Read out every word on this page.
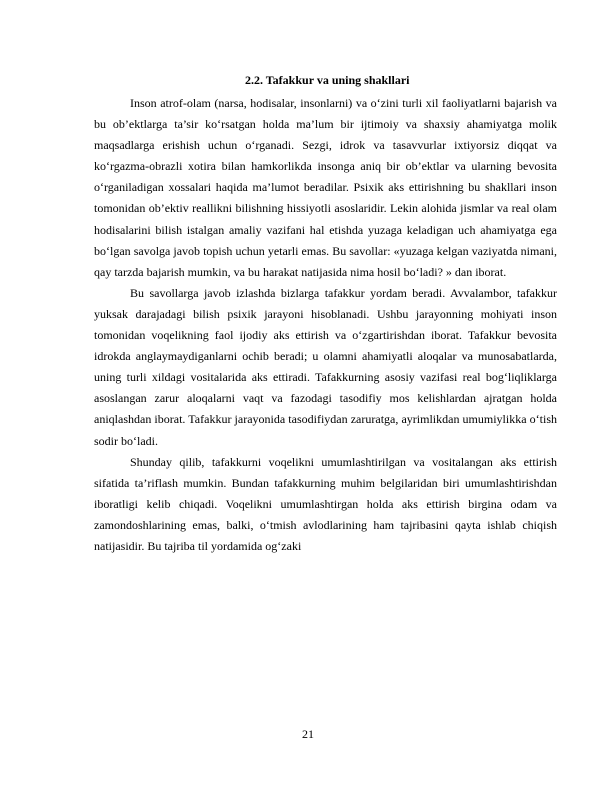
2.2. Tafakkur va uning shakllari

Inson atrof-olam (narsa, hodisalar, insonlarni) va o‘zini turli xil faoliyatlarni bajarish va bu ob’ektlarga ta’sir ko‘rsatgan holda ma’lum bir ijtimoiy va shaxsiy ahamiyatga molik maqsadlarga erishish uchun o‘rganadi. Sezgi, idrok va tasavvurlar ixtiyorsiz diqqat va ko‘rgazma-obrazli xotira bilan hamkorlikda insonga aniq bir ob’ektlar va ularning bevosita o‘rganiladigan xossalari haqida ma’lumot beradilar. Psixik aks ettirishning bu shakllari inson tomonidan ob’ektiv reallikni bilishning hissiyotli asoslaridir. Lekin alohida jismlar va real olam hodisalarini bilish istalgan amaliy vazifani hal etishda yuzaga keladigan uch ahamiyatga ega bo‘lgan savolga javob topish uchun yetarli emas. Bu savollar: «yuzaga kelgan vaziyatda nimani, qay tarzda bajarish mumkin, va bu harakat natijasida nima hosil bo‘ladi? » dan iborat.

Bu savollarga javob izlashda bizlarga tafakkur yordam beradi. Avvalambor, tafakkur yuksak darajadagi bilish psixik jarayoni hisoblanadi. Ushbu jarayonning mohiyati inson tomonidan voqelikning faol ijodiy aks ettirish va o‘zgartirishdan iborat. Tafakkur bevosita idrokda anglaymaydiganlarni ochib beradi; u olamni ahamiyatli aloqalar va munosabatlarda, uning turli xildagi vositalarida aks ettiradi. Tafakkurning asosiy vazifasi real bog‘liqliklarga asoslangan zarur aloqalarni vaqt va fazodagi tasodifiy mos kelishlardan ajratgan holda aniqlashdan iborat. Tafakkur jarayonida tasodifiydan zaruratga, ayrimlikdan umumiylikka o‘tish sodir bo‘ladi.

Shunday qilib, tafakkurni voqelikni umumlashtirilgan va vositalangan aks ettirish sifatida ta’riflash mumkin. Bundan tafakkurning muhim belgilaridan biri umumlashtirishdan iboratligi kelib chiqadi. Voqelikni umumlashtirgan holda aks ettirish birgina odam va zamondoshlarining emas, balki, o‘tmish avlodlarining ham tajribasini qayta ishlab chiqish natijasidir. Bu tajriba til yordamida og‘zaki

21
